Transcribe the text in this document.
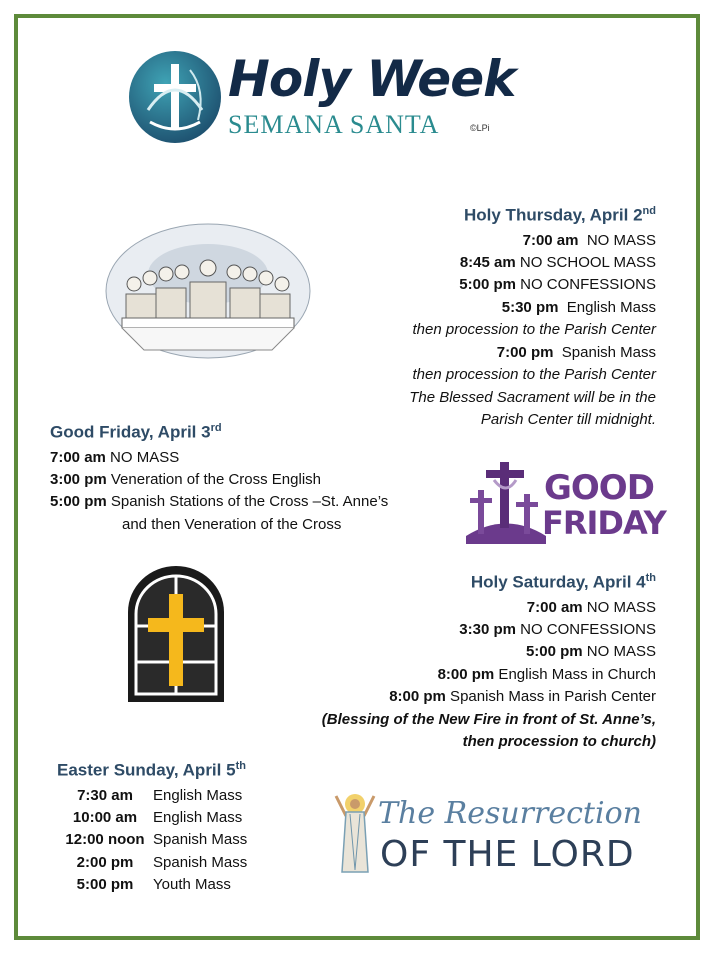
Holy Week
SEMANA SANTA	©LPi
Holy Thursday, April 2nd
7:00 am  NO MASS
8:45 am NO SCHOOL MASS
5:00 pm NO CONFESSIONS
5:30 pm  English Mass
then procession to the Parish Center
7:00 pm  Spanish Mass
then procession to the Parish Center
The Blessed Sacrament will be in the
Parish Center till midnight.
Good Friday, April 3rd
7:00 am NO MASS
3:00 pm Veneration of the Cross English
5:00 pm Spanish Stations of the Cross –St. Anne’s
and then Veneration of the Cross
GOOD
FRIDAY
Holy Saturday, April 4th
7:00 am NO MASS
3:30 pm NO CONFESSIONS
5:00 pm NO MASS
8:00 pm English Mass in Church
8:00 pm Spanish Mass in Parish Center
(Blessing of the New Fire in front of St. Anne’s,
then procession to church)
Easter Sunday, April 5th
7:30 am	English Mass
10:00 am	English Mass
12:00 noon Spanish Mass
2:00 pm	Spanish Mass
5:00 pm	Youth Mass
The Resurrection
OF THE LORD
